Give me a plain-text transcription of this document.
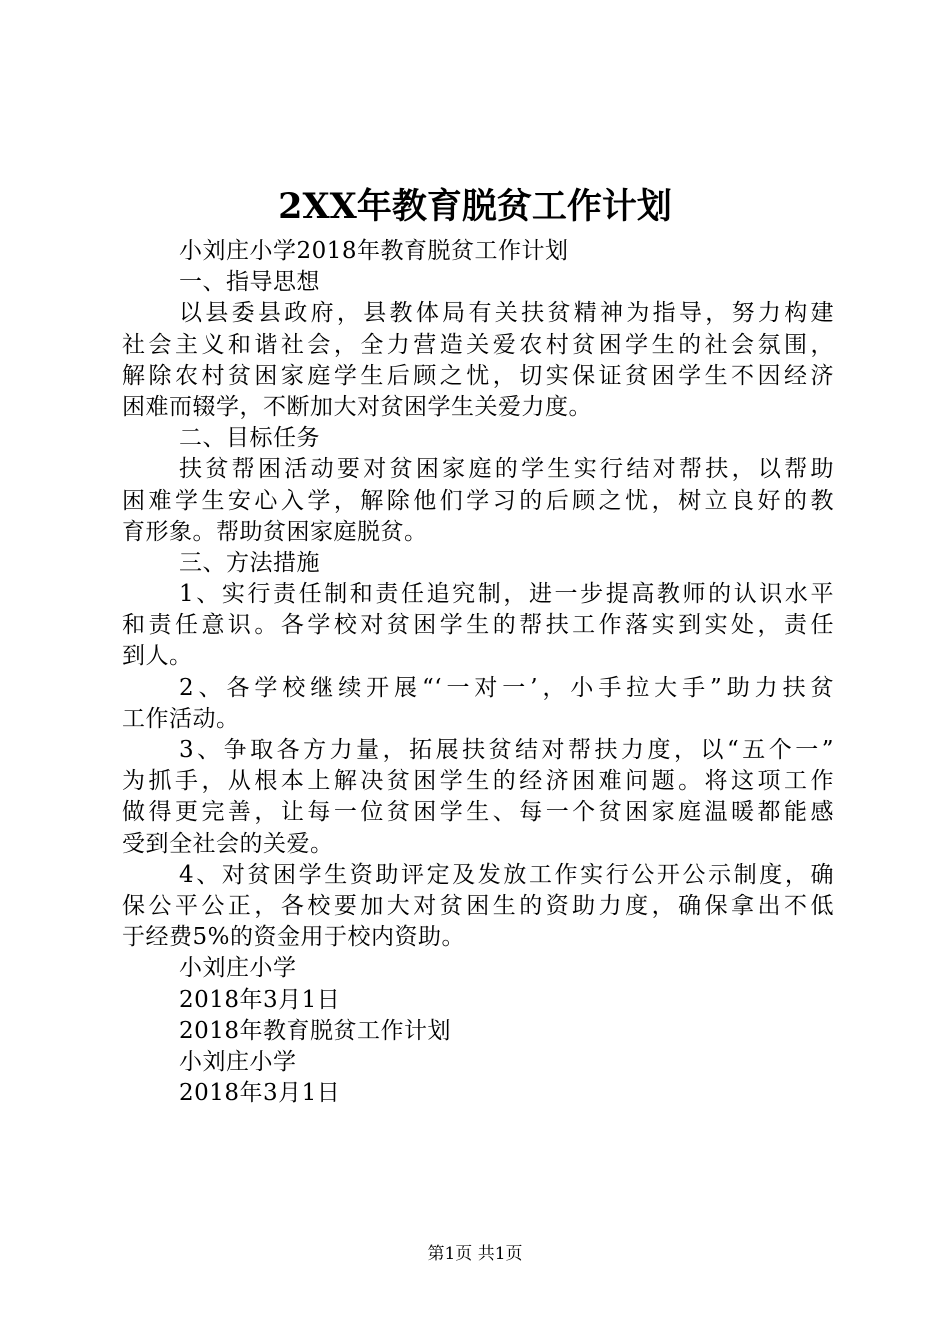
2XX年教育脱贫工作计划
小刘庄小学2018年教育脱贫工作计划
一、指导思想
以县委县政府，县教体局有关扶贫精神为指导，努力构建
社会主义和谐社会，全力营造关爱农村贫困学生的社会氛围，
解除农村贫困家庭学生后顾之忧，切实保证贫困学生不因经济
困难而辍学，不断加大对贫困学生关爱力度。
二、目标任务
扶贫帮困活动要对贫困家庭的学生实行结对帮扶，以帮助
困难学生安心入学，解除他们学习的后顾之忧，树立良好的教
育形象。帮助贫困家庭脱贫。
三、方法措施
1、实行责任制和责任追究制，进一步提高教师的认识水平
和责任意识。各学校对贫困学生的帮扶工作落实到实处，责任
到人。
2、各学校继续开展“‘一对一’，小手拉大手”助力扶贫
工作活动。
3、争取各方力量，拓展扶贫结对帮扶力度，以“五个一”
为抓手，从根本上解决贫困学生的经济困难问题。将这项工作
做得更完善，让每一位贫困学生、每一个贫困家庭温暖都能感
受到全社会的关爱。
4、对贫困学生资助评定及发放工作实行公开公示制度，确
保公平公正，各校要加大对贫困生的资助力度，确保拿出不低
于经费5%的资金用于校内资助。
小刘庄小学
2018年3月1日
2018年教育脱贫工作计划
小刘庄小学
2018年3月1日
第1页 共1页
